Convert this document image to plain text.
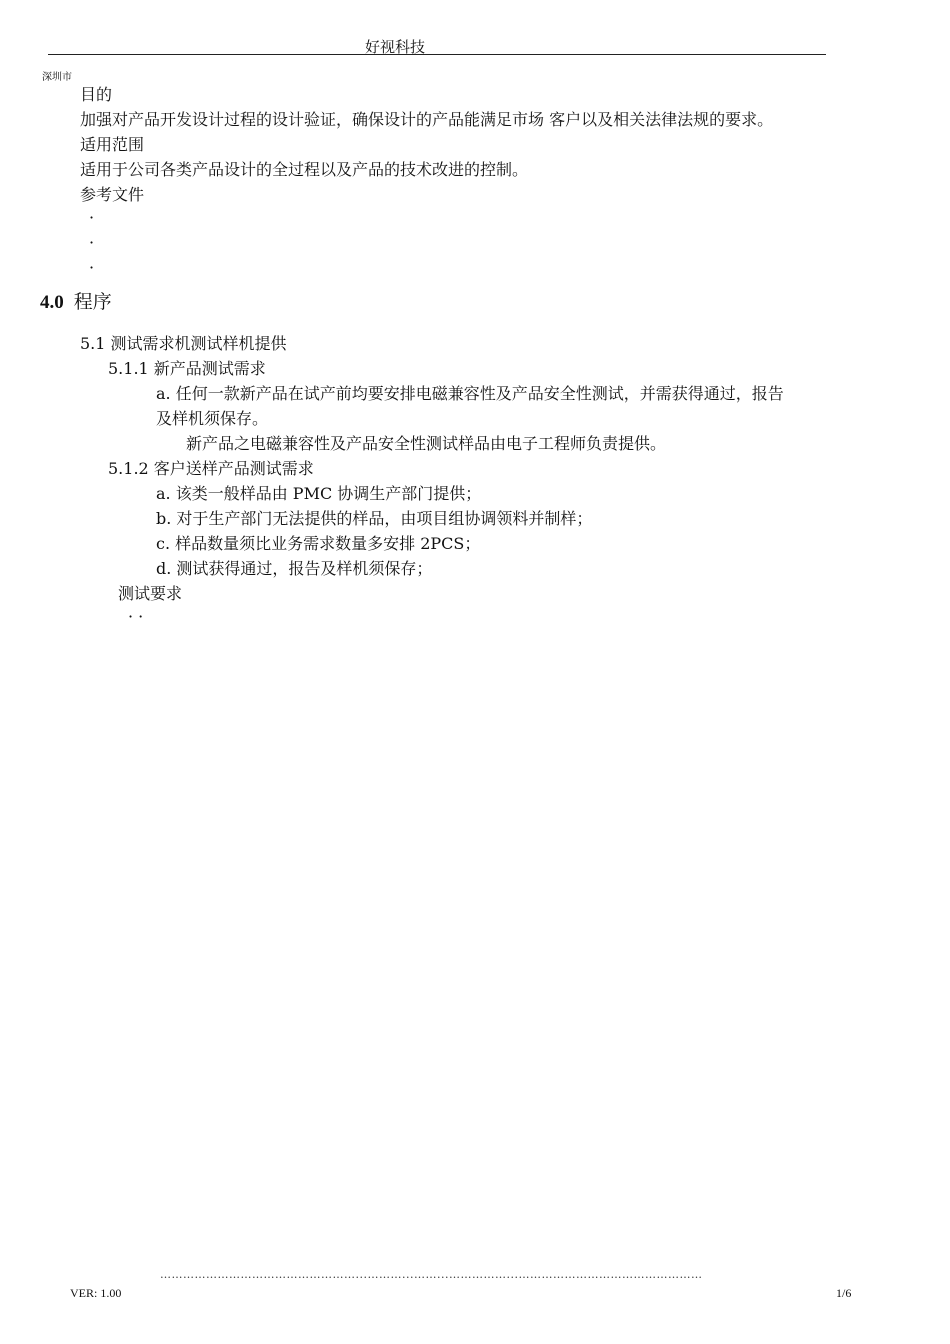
好视科技
深圳市
目的
加强对产品开发设计过程的设计验证，确保设计的产品能满足市场 客户以及相关法律法规的要求。
适用范围
适用于公司各类产品设计的全过程以及产品的技术改进的控制。
参考文件
·
·
·
4.0 程序
5.1 测试需求机测试样机提供
5.1.1 新产品测试需求
a. 任何一款新产品在试产前均要安排电磁兼容性及产品安全性测试，并需获得通过，报告
及样机须保存。
新产品之电磁兼容性及产品安全性测试样品由电子工程师负责提供。
5.1.2 客户送样产品测试需求
a. 该类一般样品由 PMC 协调生产部门提供；
b. 对于生产部门无法提供的样品，由项目组协调领料并制样；
c. 样品数量须比业务需求数量多安排 2PCS；
d. 测试获得通过，报告及样机须保存；
测试要求
· ·
……………………………………………...………...……...……………...…………………………………………
VER: 1.00	1/6
